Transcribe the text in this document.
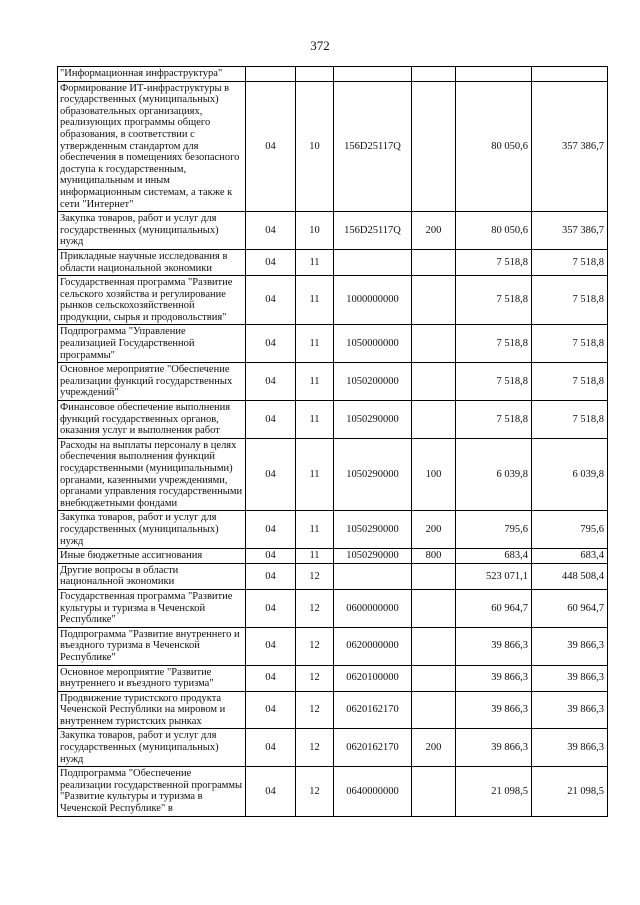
372
"Информационная инфраструктура"						
Формирование ИТ-инфраструктуры в государственных (муниципальных) образовательных организациях, реализующих программы общего образования, в соответствии с утвержденным стандартом для обеспечения в помещениях безопасного доступа к государственным, муниципальным и иным информационным системам, а также к сети "Интернет"	04	10	156D25117Q		80 050,6	357 386,7
Закупка товаров, работ и услуг для государственных (муниципальных) нужд	04	10	156D25117Q	200	80 050,6	357 386,7
Прикладные научные исследования в области национальной экономики	04	11			7 518,8	7 518,8
Государственная программа "Развитие сельского хозяйства и регулирование рынков сельскохозяйственной продукции, сырья и продовольствия"	04	11	1000000000		7 518,8	7 518,8
Подпрограмма "Управление реализацией Государственной программы"	04	11	1050000000		7 518,8	7 518,8
Основное мероприятие "Обеспечение реализации функций государственных учреждений"	04	11	1050200000		7 518,8	7 518,8
Финансовое обеспечение выполнения функций государственных органов, оказания услуг и выполнения работ	04	11	1050290000		7 518,8	7 518,8
Расходы на выплаты персоналу в целях обеспечения выполнения функций государственными (муниципальными) органами, казенными учреждениями, органами управления государственными внебюджетными фондами	04	11	1050290000	100	6 039,8	6 039,8
Закупка товаров, работ и услуг для государственных (муниципальных) нужд	04	11	1050290000	200	795,6	795,6
Иные бюджетные ассигнования	04	11	1050290000	800	683,4	683,4
Другие вопросы в области национальной экономики	04	12			523 071,1	448 508,4
Государственная программа "Развитие культуры и туризма в Чеченской Республике"	04	12	0600000000		60 964,7	60 964,7
Подпрограмма "Развитие внутреннего и въездного туризма в Чеченской Республике"	04	12	0620000000		39 866,3	39 866,3
Основное мероприятие "Развитие внутреннего и въездного туризма"	04	12	0620100000		39 866,3	39 866,3
Продвижение туристского продукта Чеченской Республики на мировом и внутреннем туристских рынках	04	12	0620162170		39 866,3	39 866,3
Закупка товаров, работ и услуг для государственных (муниципальных) нужд	04	12	0620162170	200	39 866,3	39 866,3
Подпрограмма "Обеспечение реализации государственной программы "Развитие культуры и туризма в Чеченской Республике" в	04	12	0640000000		21 098,5	21 098,5
